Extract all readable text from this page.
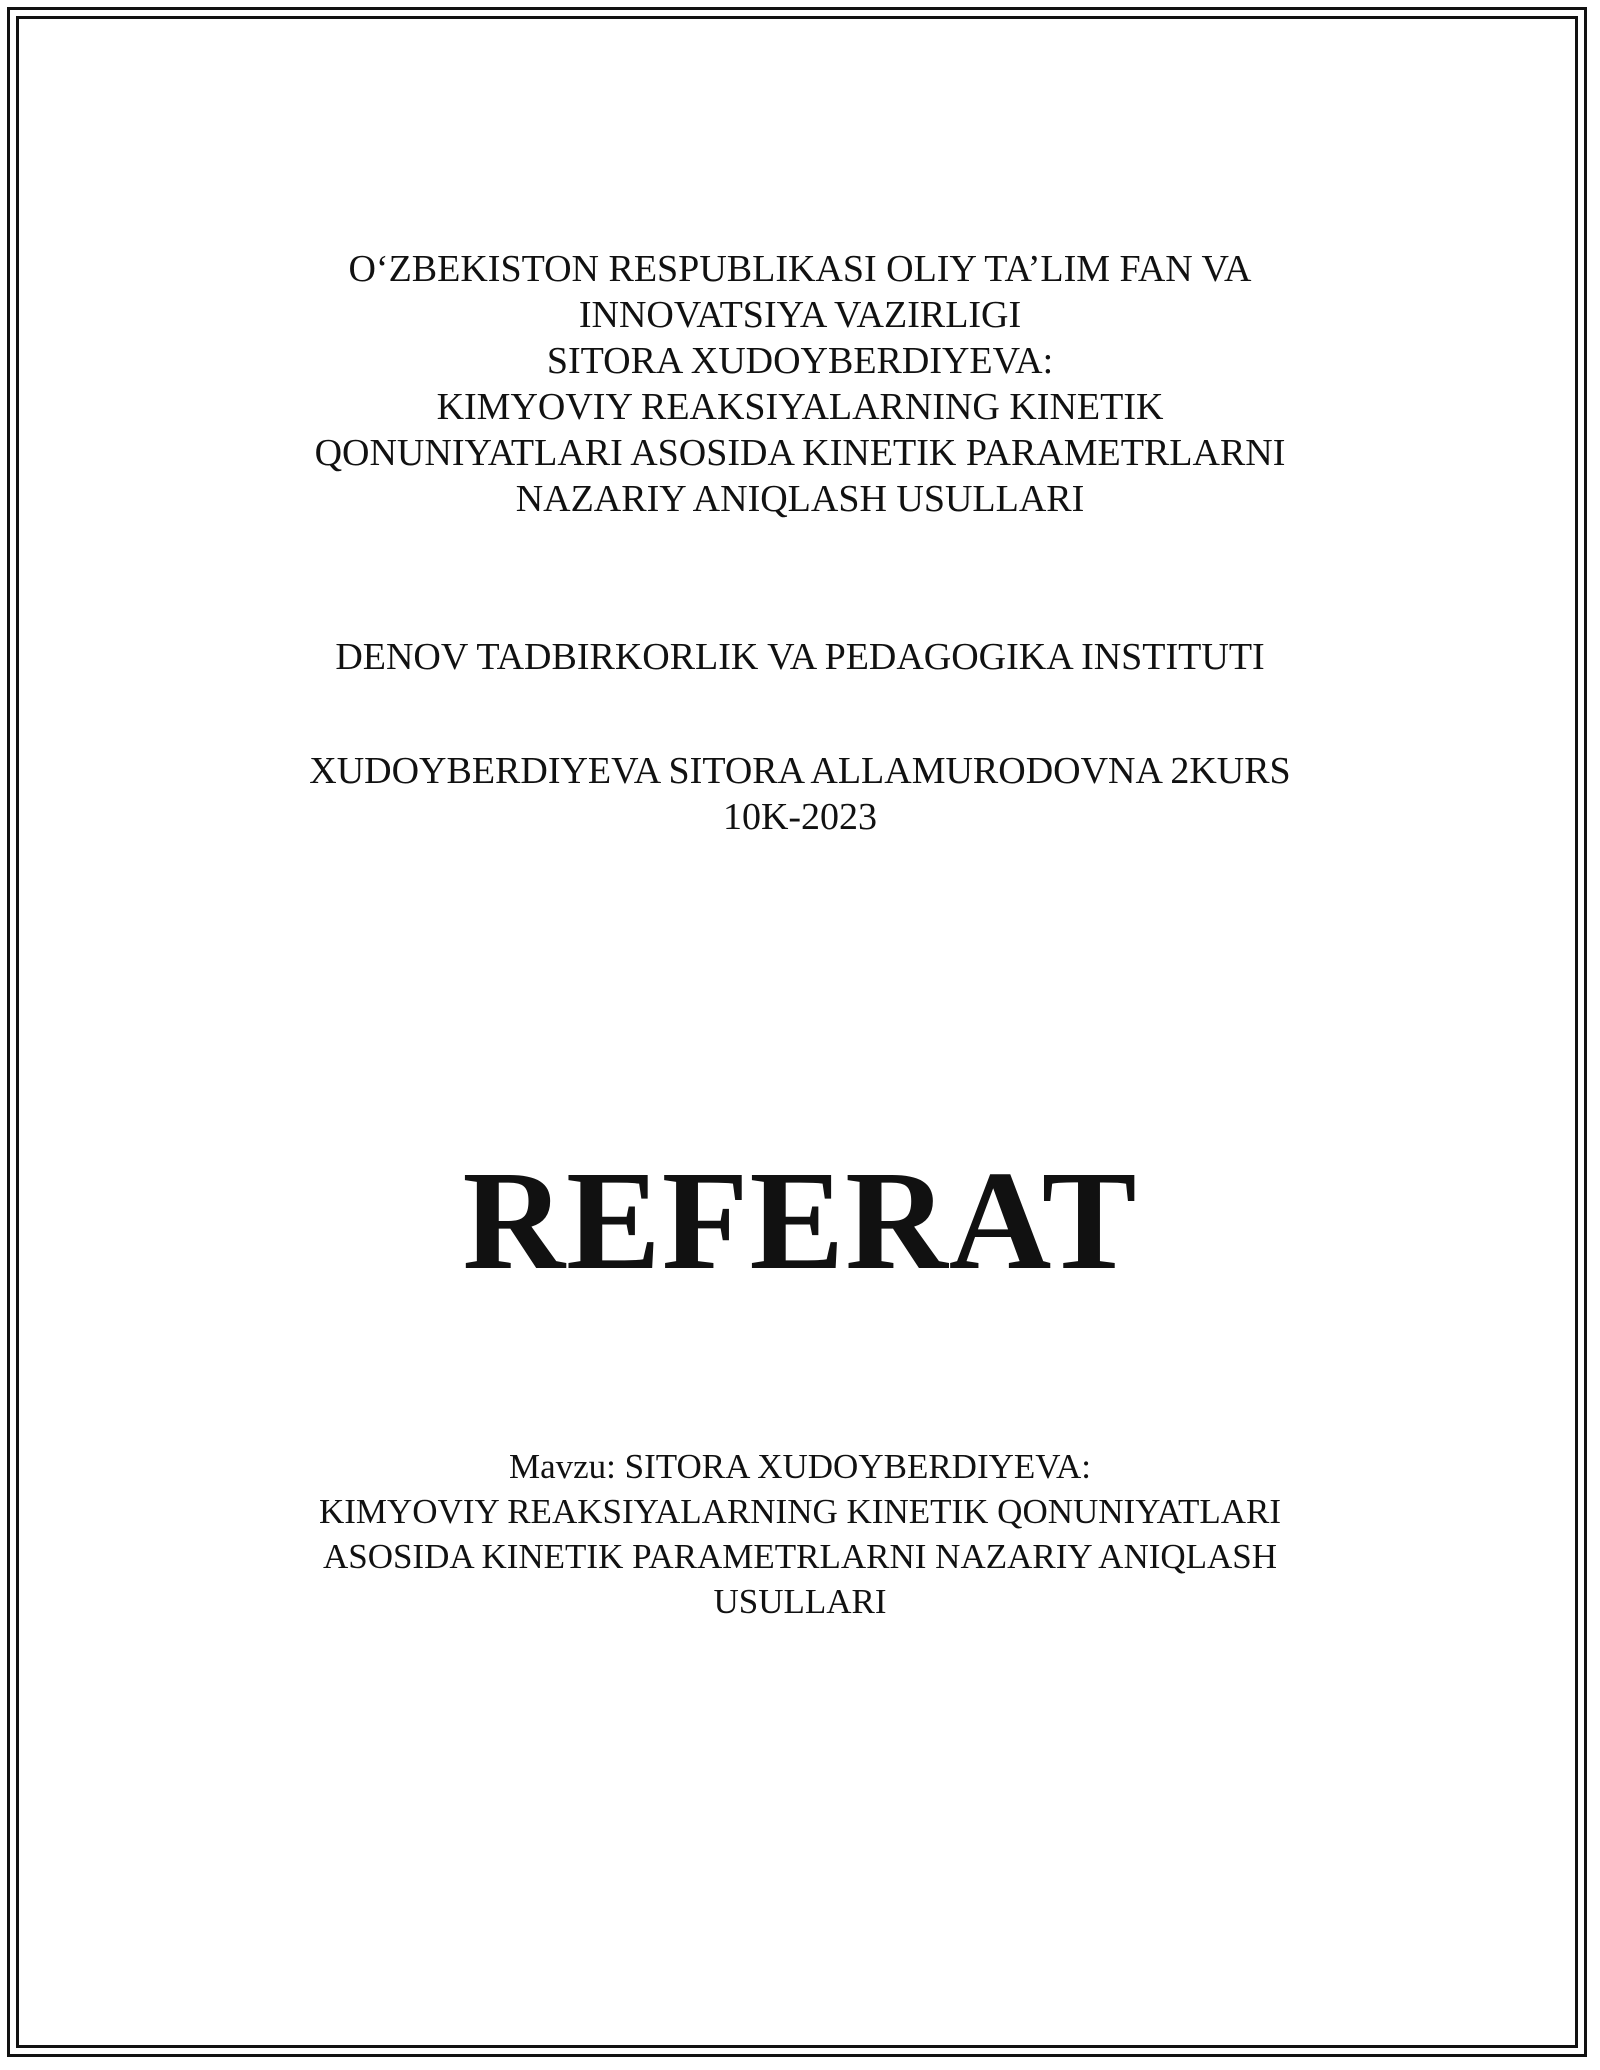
O‘ZBEKISTON RESPUBLIKASI OLIY TA’LIM FAN VA
INNOVATSIYA VAZIRLIGI
SITORA XUDOYBERDIYEVA:
KIMYOVIY REAKSIYALARNING KINETIK
QONUNIYATLARI ASOSIDA KINETIK PARAMETRLARNI
NAZARIY ANIQLASH USULLARI
DENOV TADBIRKORLIK VA PEDAGOGIKA INSTITUTI
XUDOYBERDIYEVA SITORA ALLAMURODOVNA 2KURS
10K-2023
REFERAT
Mavzu: SITORA XUDOYBERDIYEVA:
KIMYOVIY REAKSIYALARNING KINETIK QONUNIYATLARI
ASOSIDA KINETIK PARAMETRLARNI NAZARIY ANIQLASH
USULLARI
